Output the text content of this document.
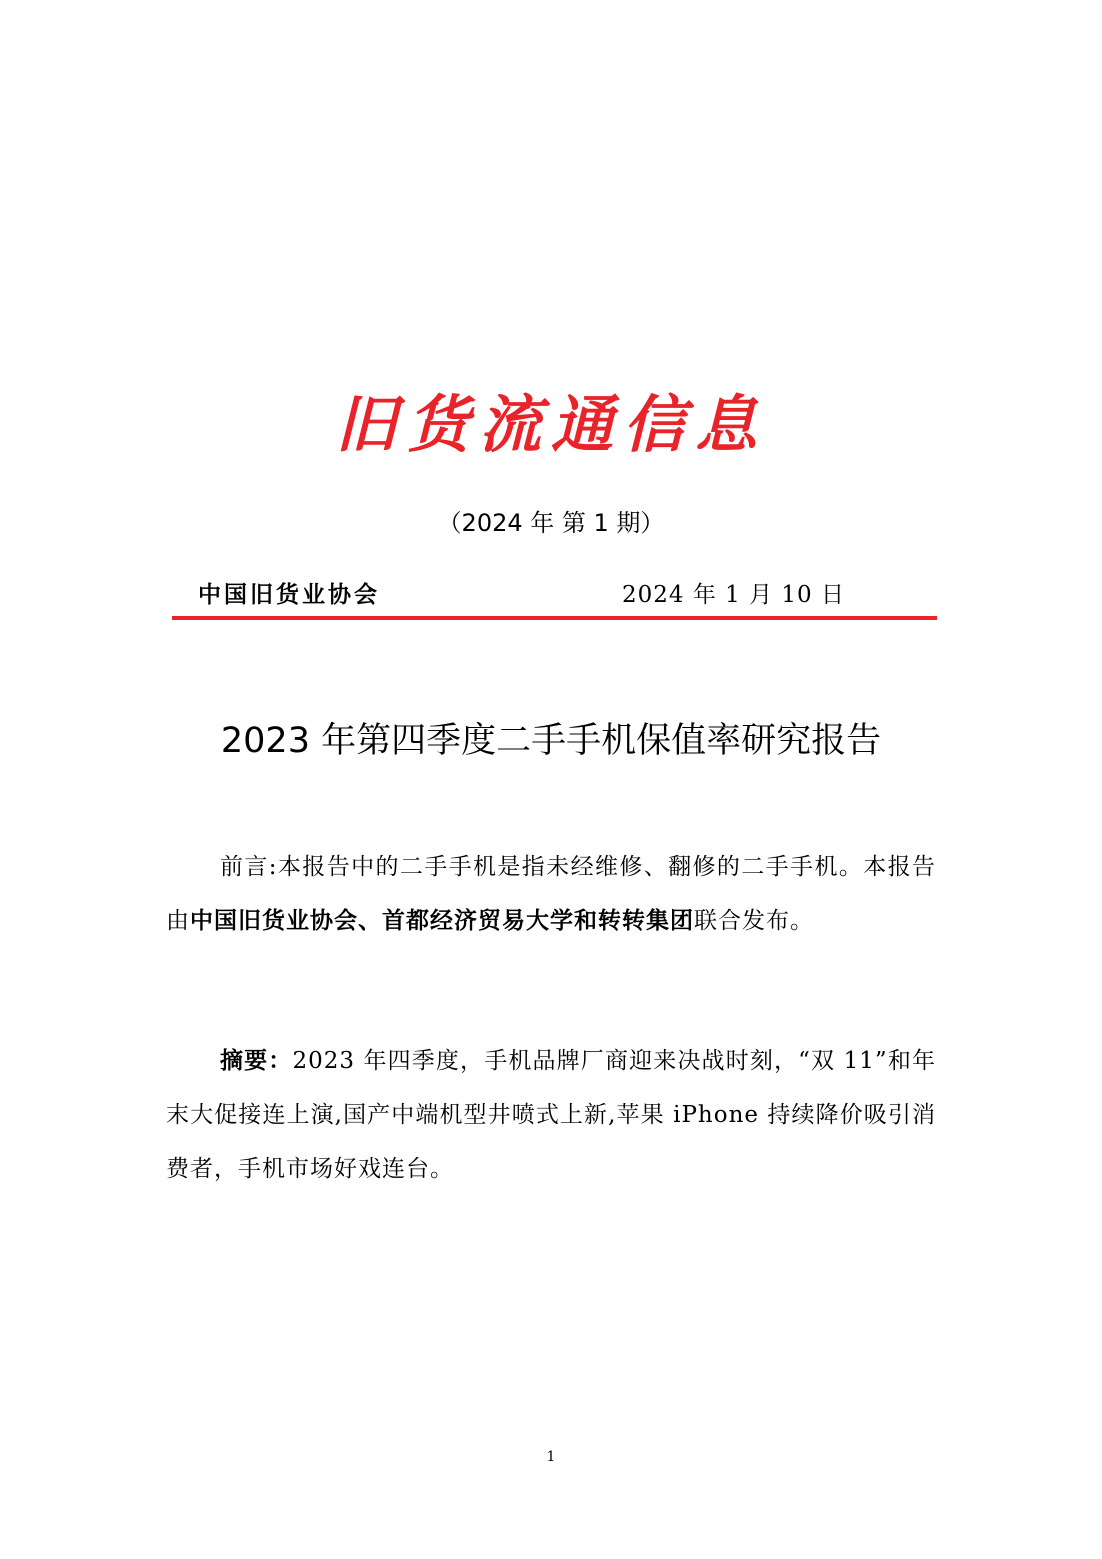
旧货流通信息
（2024 年 第 1 期）
中国旧货业协会	2024 年 1 月 10 日
2023 年第四季度二手手机保值率研究报告
前言:本报告中的二手手机是指未经维修、翻修的二手手机。本报告由中国旧货业协会、首都经济贸易大学和转转集团联合发布。
摘要：2023 年四季度，手机品牌厂商迎来决战时刻，“双 11”和年末大促接连上演,国产中端机型井喷式上新,苹果 iPhone 持续降价吸引消费者，手机市场好戏连台。
1
